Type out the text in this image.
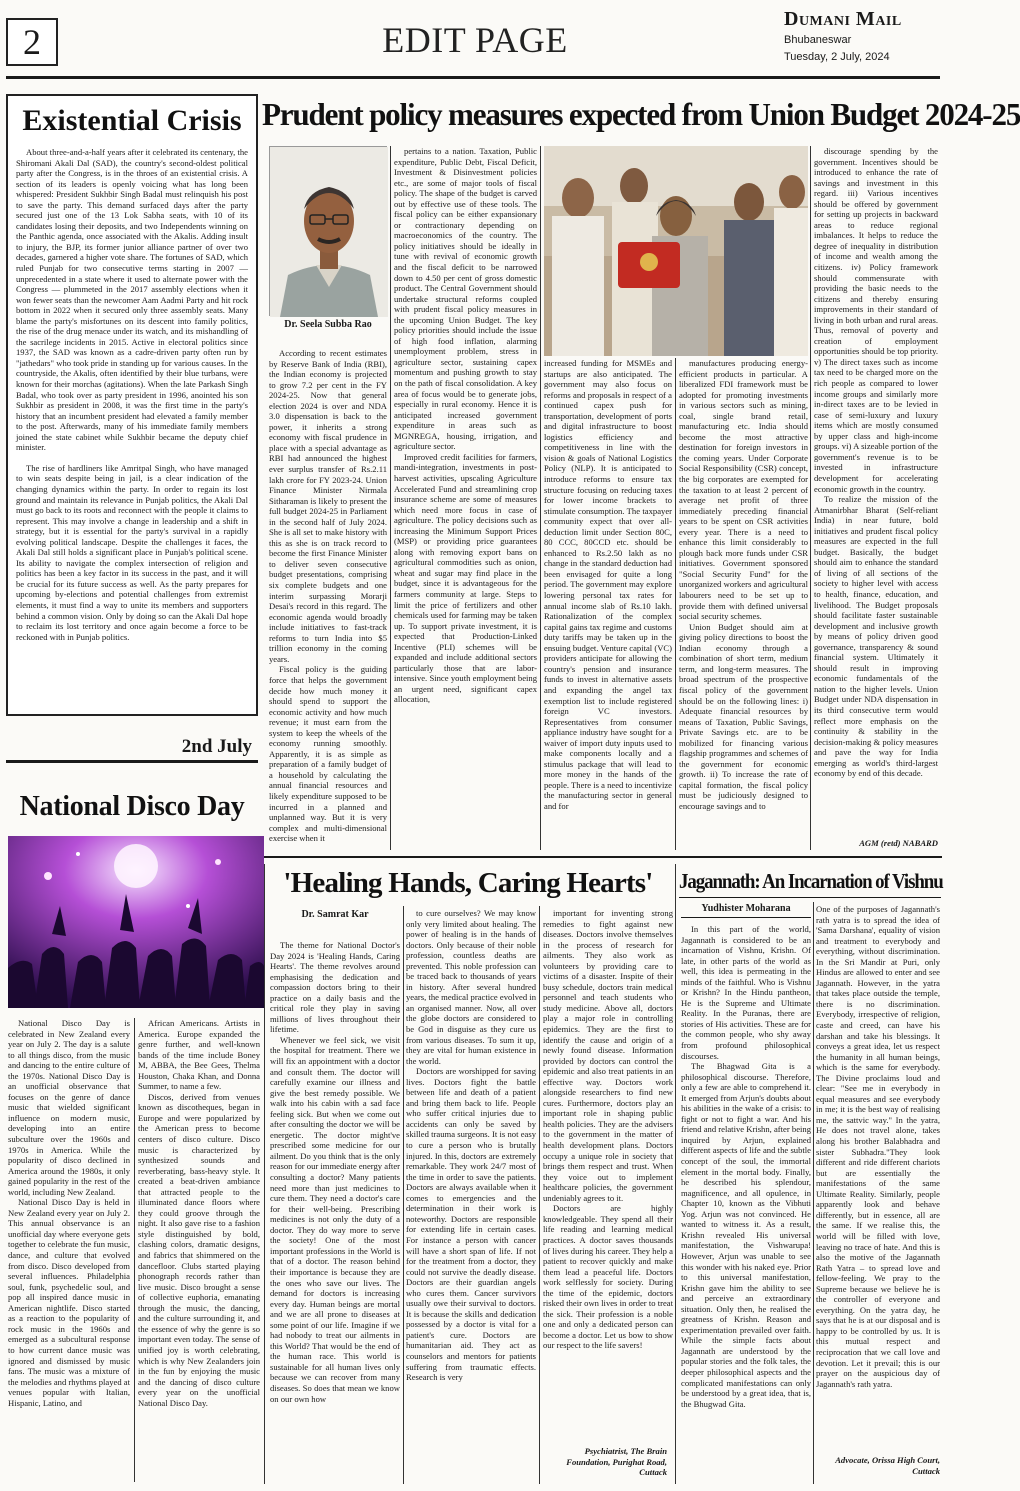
2	EDIT PAGE
Dumani Mail
Bhubaneswar
Tuesday, 2 July, 2024
Existential Crisis

About three-and-a-half years after it celebrated its centenary, the Shiromani Akali Dal (SAD), the country's second-oldest political party after the Congress, is in the throes of an existential crisis. A section of its leaders is openly voicing what has long been whispered: President Sukhbir Singh Badal must relinquish his post to save the party. This demand surfaced days after the party secured just one of the 13 Lok Sabha seats, with 10 of its candidates losing their deposits, and two Independents winning on the Panthic agenda, once associated with the Akalis. Adding insult to injury, the BJP, its former junior alliance partner of over two decades, garnered a higher vote share. The fortunes of SAD, which ruled Punjab for two consecutive terms starting in 2007 — unprecedented in a state where it used to alternate power with the Congress — plummeted in the 2017 assembly elections when it won fewer seats than the newcomer Aam Aadmi Party and hit rock bottom in 2022 when it secured only three assembly seats. Many blame the party's misfortunes on its descent into family politics, the rise of the drug menace under its watch, and its mishandling of the sacrilege incidents in 2015. Active in electoral politics since 1937, the SAD was known as a cadre-driven party often run by "jathedars" who took pride in standing up for various causes. In the countryside, the Akalis, often identified by their blue turbans, were known for their morchas (agitations). When the late Parkash Singh Badal, who took over as party president in 1996, anointed his son Sukhbir as president in 2008, it was the first time in the party's history that an incumbent president had elevated a family member to the post. Afterwards, many of his immediate family members joined the state cabinet while Sukhbir became the deputy chief minister.

The rise of hardliners like Amritpal Singh, who have managed to win seats despite being in jail, is a clear indication of the changing dynamics within the party. In order to regain its lost ground and maintain its relevance in Punjab politics, the Akali Dal must go back to its roots and reconnect with the people it claims to represent. This may involve a change in leadership and a shift in strategy, but it is essential for the party's survival in a rapidly evolving political landscape. Despite the challenges it faces, the Akali Dal still holds a significant place in Punjab's political scene. Its ability to navigate the complex intersection of religion and politics has been a key factor in its success in the past, and it will be crucial for its future success as well. As the party prepares for upcoming by-elections and potential challenges from extremist elements, it must find a way to unite its members and supporters behind a common vision. Only by doing so can the Akali Dal hope to reclaim its lost territory and once again become a force to be reckoned with in Punjab politics.

Prudent policy measures expected from Union Budget 2024-25
Dr. Seela Subba Rao

According to recent estimates by Reserve Bank of India (RBI), the Indian economy is projected to grow 7.2 per cent in the FY 2024-25. Now that general election 2024 is over and NDA 3.0 dispensation is back to the power, it inherits a strong economy with fiscal prudence in place with a special advantage as RBI had announced the highest ever surplus transfer of Rs.2.11 lakh crore for FY 2023-24. Union Finance Minister Nirmala Sitharaman is likely to present the full budget 2024-25 in Parliament in the second half of July 2024. She is all set to make history with this as she is on track record to become the first Finance Minister to deliver seven consecutive budget presentations, comprising six complete budgets and one interim surpassing Morarji Desai's record in this regard. The economic agenda would broadly include initiatives to fast-track reforms to turn India into $5 trillion economy in the coming years.

Fiscal policy is the guiding force that helps the government decide how much money it should spend to support the economic activity and how much revenue; it must earn from the system to keep the wheels of the economy running smoothly. Apparently, it is as simple as preparation of a family budget of a household by calculating the annual financial resources and likely expenditure supposed to be incurred in a planned and unplanned way. But it is very complex and multi-dimensional exercise when it

pertains to a nation. Taxation, Public expenditure, Public Debt, Fiscal Deficit, Investment & Disinvestment policies etc., are some of major tools of fiscal policy. The shape of the budget is carved out by effective use of these tools. The fiscal policy can be either expansionary or contractionary depending on macroeconomics of the country. The policy initiatives should be ideally in tune with revival of economic growth and the fiscal deficit to be narrowed down to 4.50 per cent of gross domestic product. The Central Government should undertake structural reforms coupled with prudent fiscal policy measures in the upcoming Union Budget. The key policy priorities should include the issue of high food inflation, alarming unemployment problem, stress in agriculture sector, sustaining capex momentum and pushing growth to stay on the path of fiscal consolidation. A key area of focus would be to generate jobs, especially in rural economy. Hence it is anticipated increased government expenditure in areas such as MGNREGA, housing, irrigation, and agriculture sector.

Improved credit facilities for farmers, mandi-integration, investments in post-harvest activities, upscaling Agriculture Accelerated Fund and streamlining crop insurance scheme are some of measures which need more focus in case of agriculture. The policy decisions such as increasing the Minimum Support Prices (MSP) or providing price guarantees along with removing export bans on agricultural commodities such as onion, wheat and sugar may find place in the budget, since it is advantageous for the farmers community at large. Steps to limit the price of fertilizers and other chemicals used for farming may be taken up. To support private investment, it is expected that Production-Linked Incentive (PLI) schemes will be expanded and include additional sectors particularly those that are labor-intensive. Since youth employment being an urgent need, significant capex allocation,

increased funding for MSMEs and startups are also anticipated. The government may also focus on reforms and proposals in respect of a continued capex push for transportation, development of ports and digital infrastructure to boost logistics efficiency and competitiveness in line with the vision & goals of National Logistics Policy (NLP). It is anticipated to introduce reforms to ensure tax structure focusing on reducing taxes for lower income brackets to stimulate consumption. The taxpayer community expect that over all-deduction limit under Section 80C, 80 CCC, 80CCD etc. should be enhanced to Rs.2.50 lakh as no change in the standard deduction had been envisaged for quite a long period. The government may explore lowering personal tax rates for annual income slab of Rs.10 lakh. Rationalization of the complex capital gains tax regime and customs duty tariffs may be taken up in the ensuing budget. Venture capital (VC) providers anticipate for allowing the country's pension and insurance funds to invest in alternative assets and expanding the angel tax exemption list to include registered foreign VC investors. Representatives from consumer appliance industry have sought for a waiver of import duty inputs used to make components locally and a stimulus package that will lead to more money in the hands of the people. There is a need to incentivize the manufacturing sector in general and for

manufactures producing energy-efficient products in particular. A liberalized FDI framework must be adopted for promoting investments in various sectors such as mining, coal, single brand retail, manufacturing etc. India should become the most attractive destination for foreign investors in the coming years. Under Corporate Social Responsibility (CSR) concept, the big corporates are exempted for the taxation to at least 2 percent of average net profit of three immediately preceding financial years to be spent on CSR activities every year. There is a need to enhance this limit considerably to plough back more funds under CSR initiatives. Government sponsored "Social Security Fund" for the unorganized workers and agricultural labourers need to be set up to provide them with defined universal social security schemes.

Union Budget should aim at giving policy directions to boost the Indian economy through a combination of short term, medium term, and long-term measures. The broad spectrum of the prospective fiscal policy of the government should be on the following lines: i) Adequate financial resources by means of Taxation, Public Savings, Private Savings etc. are to be mobilized for financing various flagship programmes and schemes of the government for economic growth. ii) To increase the rate of capital formation, the fiscal policy must be judiciously designed to encourage savings and to

discourage spending by the government. Incentives should be introduced to enhance the rate of savings and investment in this regard. iii) Various incentives should be offered by government for setting up projects in backward areas to reduce regional imbalances. It helps to reduce the degree of inequality in distribution of income and wealth among the citizens. iv) Policy framework should commensurate with providing the basic needs to the citizens and thereby ensuring improvements in their standard of living in both urban and rural areas. Thus, removal of poverty and creation of employment opportunities should be top priority. v) The direct taxes such as income tax need to be charged more on the rich people as compared to lower income groups and similarly more in-direct taxes are to be levied in case of semi-luxury and luxury items which are mostly consumed by upper class and high-income groups. vi) A sizeable portion of the government's revenue is to be invested in infrastructure development for accelerating economic growth in the country.

To realize the mission of the Atmanirbhar Bharat (Self-reliant India) in near future, bold initiatives and prudent fiscal policy measures are expected in the full budget. Basically, the budget should aim to enhance the standard of living of all sections of the society to higher level with access to health, finance, education, and livelihood. The Budget proposals should facilitate faster sustainable development and inclusive growth by means of policy driven good governance, transparency & sound financial system. Ultimately it should result in improving economic fundamentals of the nation to the higher levels. Union Budget under NDA dispensation in its third consecutive term would reflect more emphasis on the continuity & stability in the decision-making & policy measures and pave the way for India emerging as world's third-largest economy by end of this decade.

AGM (retd) NABARD
2nd July
National Disco Day

National Disco Day is celebrated in New Zealand every year on July 2. The day is a salute to all things disco, from the music and dancing to the entire culture of the 1970s. National Disco Day is an unofficial observance that focuses on the genre of dance music that wielded significant influence on modern music, developing into an entire subculture over the 1960s and 1970s in America. While the popularity of disco declined in America around the 1980s, it only gained popularity in the rest of the world, including New Zealand.

National Disco Day is held in New Zealand every year on July 2. This annual observance is an unofficial day where everyone gets together to celebrate the fun music, dance, and culture that evolved from disco. Disco developed from several influences. Philadelphia soul, funk, psychedelic soul, and pop all inspired dance music in American nightlife. Disco started as a reaction to the popularity of rock music in the 1960s and emerged as a subcultural response to how current dance music was ignored and dismissed by music fans. The music was a mixture of the melodies and rhythms played at venues popular with Italian, Hispanic, Latino, and

African Americans. Artists in America. Europe expanded the genre further, and well-known bands of the time include Boney M, ABBA, the Bee Gees, Thelma Houston, Chaka Khan, and Donna Summer, to name a few.

Discos, derived from venues known as discotheques, began in Europe and were popularized by the American press to become centers of disco culture. Disco music is characterized by synthesized sounds and reverberating, bass-heavy style. It created a beat-driven ambiance that attracted people to the illuminated dance floors where they could groove through the night. It also gave rise to a fashion style distinguished by bold, clashing colors, dramatic designs, and fabrics that shimmered on the dancefloor. Clubs started playing phonograph records rather than live music. Disco brought a sense of collective euphoria, emanating through the music, the dancing, and the culture surrounding it, and the essence of why the genre is so important even today. The sense of unified joy is worth celebrating, which is why New Zealanders join in the fun by enjoying the music and the dancing of disco culture every year on the unofficial National Disco Day.

'Healing Hands, Caring Hearts'
Dr. Samrat Kar

The theme for National Doctor's Day 2024 is 'Healing Hands, Caring Hearts'. The theme revolves around emphasising the dedication and compassion doctors bring to their practice on a daily basis and the critical role they play in saving millions of lives throughout their lifetime.

Whenever we feel sick, we visit the hospital for treatment. There we will fix an appointment with a doctor and consult them. The doctor will carefully examine our illness and give the best remedy possible. We walk into his cabin with a sad face feeling sick. But when we come out after consulting the doctor we will be energetic. The doctor might've prescribed some medicine for our ailment. Do you think that is the only reason for our immediate energy after consulting a doctor? Many patients need more than just medicines to cure them. They need a doctor's care for their well-being. Prescribing medicines is not only the duty of a doctor. They do way more to serve the society! One of the most important professions in the World is that of a doctor. The reason behind their importance is because they are the ones who save our lives. The demand for doctors is increasing every day. Human beings are mortal and we are all prone to diseases at some point of our life. Imagine if we had nobody to treat our ailments in this World? That would be the end of the human race. This world is sustainable for all human lives only because we can recover from many diseases. So does that mean we know on our own how

to cure ourselves? We may know only very limited about healing. The power of healing is in the hands of doctors. Only because of their noble profession, countless deaths are prevented. This noble profession can be traced back to thousands of years in history. After several hundred years, the medical practice evolved in an organised manner. Now, all over the globe doctors are considered to be God in disguise as they cure us from various diseases. To sum it up, they are vital for human existence in the world.

Doctors are worshipped for saving lives. Doctors fight the battle between life and death of a patient and bring them back to life. People who suffer critical injuries due to accidents can only be saved by skilled trauma surgeons. It is not easy to cure a person who is brutally injured. In this, doctors are extremely remarkable. They work 24/7 most of the time in order to save the patients. Doctors are always available when it comes to emergencies and the determination in their work is noteworthy. Doctors are responsible for extending life in certain cases. For instance a person with cancer will have a short span of life. If not for the treatment from a doctor, they could not survive the deadly disease. Doctors are their guardian angels who cures them. Cancer survivors usually owe their survival to doctors. It is because the skills and dedication possessed by a doctor is vital for a patient's cure. Doctors are humanitarian aid. They act as counselors and mentors for patients suffering from traumatic effects. Research is very

important for inventing strong remedies to fight against new diseases. Doctors involve themselves in the process of research for ailments. They also work as volunteers by providing care to victims of a disaster. Inspite of their busy schedule, doctors train medical personnel and teach students who study medicine. Above all, doctors play a major role in controlling epidemics. They are the first to identify the cause and origin of a newly found disease. Information provided by doctors can control the epidemic and also treat patients in an effective way. Doctors work alongside researchers to find new cures. Furthermore, doctors play an important role in shaping public health policies. They are the advisers to the government in the matter of health development plans. Doctors occupy a unique role in society that brings them respect and trust. When they voice out to implement healthcare policies, the government undeniably agrees to it.

Doctors are highly knowledgeable. They spend all their life reading and learning medical practices. A doctor saves thousands of lives during his career. They help a patient to recover quickly and make them lead a peaceful life. Doctors work selflessly for society. During the time of the epidemic, doctors risked their own lives in order to treat the sick. Their profession is a noble one and only a dedicated person can become a doctor. Let us bow to show our respect to the life savers!

Psychiatrist, The Brain
Foundation, Purighat Road,
Cuttack
Jagannath: An Incarnation of Vishnu
Yudhister Moharana

In this part of the world, Jagannath is considered to be an incarnation of Vishnu, Krishn. Of late, in other parts of the world as well, this idea is permeating in the minds of the faithful. Who is Vishnu or Krishn? In the Hindu pantheon, He is the Supreme and Ultimate Reality. In the Puranas, there are stories of His activities. These are for the common people, who shy away from profound philosophical discourses.

The Bhagwad Gita is a philosophical discourse. Therefore, only a few are able to comprehend it. It emerged from Arjun's doubts about his abilities in the wake of a crisis: to fight or not to fight a war. And his friend and relative Krishn, after being inquired by Arjun, explained different aspects of life and the subtle concept of the soul, the immortal element in the mortal body. Finally, he described his splendour, magnificence, and all opulence, in Chapter 10, known as the Vibhuti Yog. Arjun was not convinced. He wanted to witness it. As a result, Krishn revealed His universal manifestation, the Vishwarupa! However, Arjun was unable to see this wonder with his naked eye. Prior to this universal manifestation, Krishn gave him the ability to see and perceive an extraordinary situation. Only then, he realised the greatness of Krishn. Reason and experimentation prevailed over faith. While the simple facts about Jagannath are understood by the popular stories and the folk tales, the deeper philosophical aspects and the complicated manifestations can only be understood by a great idea, that is, the Bhugwad Gita.

One of the purposes of Jagannath's rath yatra is to spread the idea of 'Sama Darshana', equality of vision and treatment to everybody and everything, without discrimination. In the Sri Mandir at Puri, only Hindus are allowed to enter and see Jagannath. However, in the yatra that takes place outside the temple, there is no discrimination. Everybody, irrespective of religion, caste and creed, can have his darshan and take his blessings. It conveys a great idea, let us respect the humanity in all human beings, which is the same for everybody. The Divine proclaims loud and clear: "See me in everybody in equal measures and see everybody in me; it is the best way of realising me, the sattvic way." In the yatra, He does not travel alone, takes along his brother Balabhadra and sister Subhadra."They look different and ride different chariots but are essentially the manifestations of the same Ultimate Reality. Similarly, people apparently look and behave differently, but in essence, all are the same. If we realise this, the world will be filled with love, leaving no trace of hate. And this is also the motive of the Jagannath Rath Yatra – to spread love and fellow-feeling. We pray to the Supreme because we believe he is the controller of everyone and everything. On the yatra day, he says that he is at our disposal and is happy to be controlled by us. It is this mutual respect and reciprocation that we call love and devotion. Let it prevail; this is our prayer on the auspicious day of Jagannath's rath yatra.
Advocate, Orissa High Court,
Cuttack
